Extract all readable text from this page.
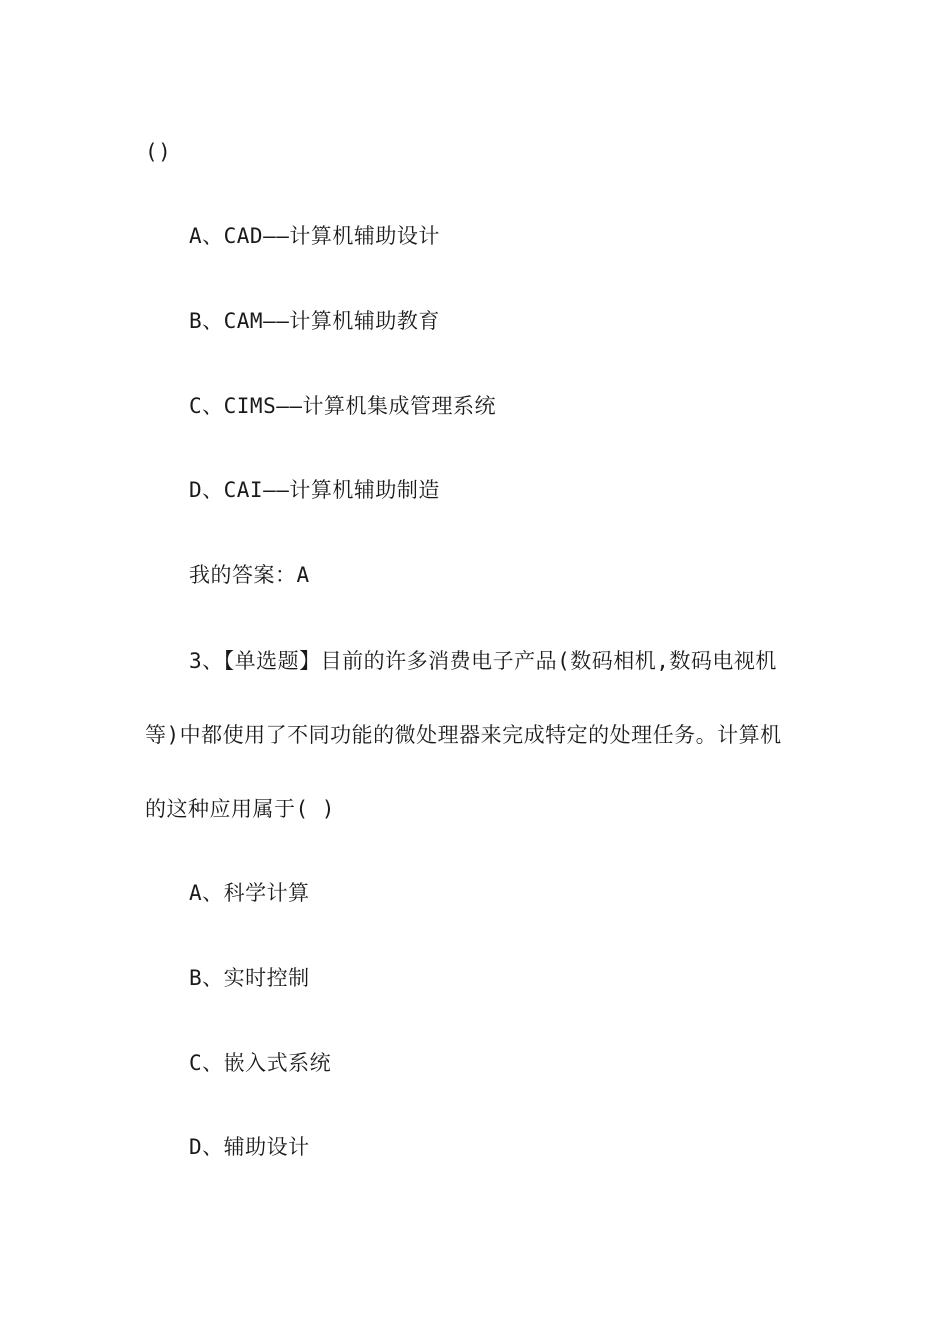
()
A、CAD——计算机辅助设计
B、CAM——计算机辅助教育
C、CIMS——计算机集成管理系统
D、CAI——计算机辅助制造
我的答案：A
3、【单选题】目前的许多消费电子产品(数码相机,数码电视机
等)中都使用了不同功能的微处理器来完成特定的处理任务。计算机
的这种应用属于( )
A、科学计算
B、实时控制
C、嵌入式系统
D、辅助设计
